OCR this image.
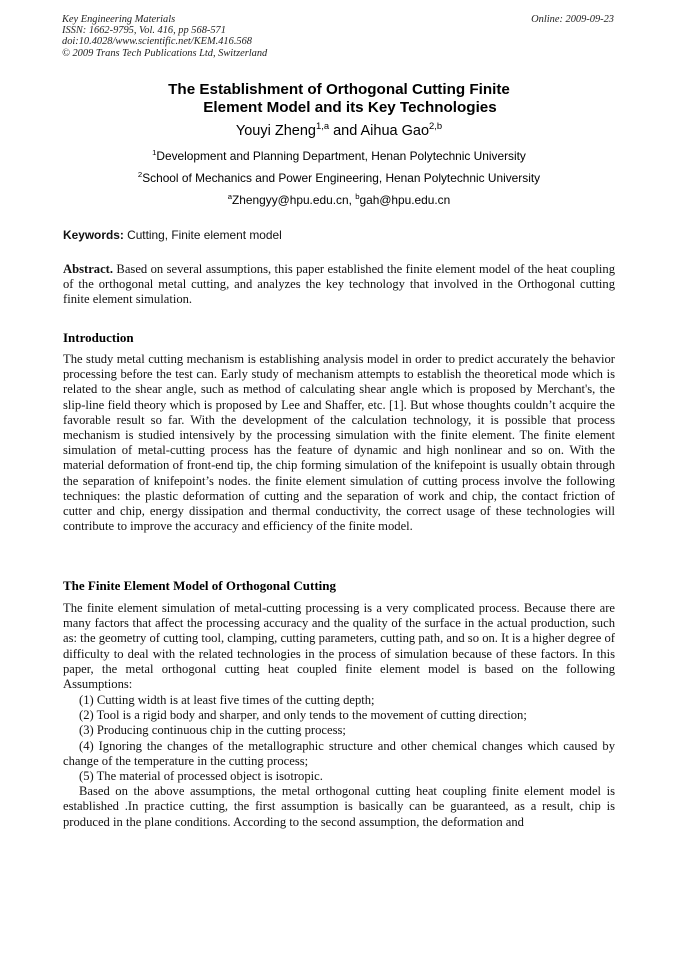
Key Engineering Materials
ISSN: 1662-9795, Vol. 416, pp 568-571
doi:10.4028/www.scientific.net/KEM.416.568
© 2009 Trans Tech Publications Ltd, Switzerland
Online: 2009-09-23
The Establishment of Orthogonal Cutting Finite
Element Model and its Key Technologies
Youyi Zheng$^{1,a}$ and Aihua Gao$^{2,b}$
$^1$Development and Planning Department, Henan Polytechnic University
$^2$School of Mechanics and Power Engineering, Henan Polytechnic University
$^a$Zhengyy@hpu.edu.cn, $^b$gah@hpu.edu.cn
Keywords: Cutting, Finite element model
Abstract. Based on several assumptions, this paper established the finite element model of the heat coupling of the orthogonal metal cutting, and analyzes the key technology that involved in the Orthogonal cutting finite element simulation.
Introduction
The study metal cutting mechanism is establishing analysis model in order to predict accurately the behavior processing before the test can. Early study of mechanism attempts to establish the theoretical mode which is related to the shear angle, such as method of calculating shear angle which is proposed by Merchant's, the slip-line field theory which is proposed by Lee and Shaffer, etc. [1]. But whose thoughts couldn’t acquire the favorable result so far. With the development of the calculation technology, it is possible that process mechanism is studied intensively by the processing simulation with the finite element. The finite element simulation of metal-cutting process has the feature of dynamic and high nonlinear and so on. With the material deformation of front-end tip, the chip forming simulation of the knifepoint is usually obtain through the separation of knifepoint’s nodes. the finite element simulation of cutting process involve the following techniques: the plastic deformation of cutting and the separation of work and chip, the contact friction of cutter and chip, energy dissipation and thermal conductivity, the correct usage of these technologies will contribute to improve the accuracy and efficiency of the finite model.
The Finite Element Model of Orthogonal Cutting
The finite element simulation of metal-cutting processing is a very complicated process. Because there are many factors that affect the processing accuracy and the quality of the surface in the actual production, such as: the geometry of cutting tool, clamping, cutting parameters, cutting path, and so on. It is a higher degree of difficulty to deal with the related technologies in the process of simulation because of these factors. In this paper, the metal orthogonal cutting heat coupled finite element model is based on the following Assumptions:
(1) Cutting width is at least five times of the cutting depth;
(2) Tool is a rigid body and sharper, and only tends to the movement of cutting direction;
(3) Producing continuous chip in the cutting process;
(4) Ignoring the changes of the metallographic structure and other chemical changes which caused by change of the temperature in the cutting process;
(5) The material of processed object is isotropic.
Based on the above assumptions, the metal orthogonal cutting heat coupling finite element model is established .In practice cutting, the first assumption is basically can be guaranteed, as a result, chip is produced in the plane conditions. According to the second assumption, the deformation and
